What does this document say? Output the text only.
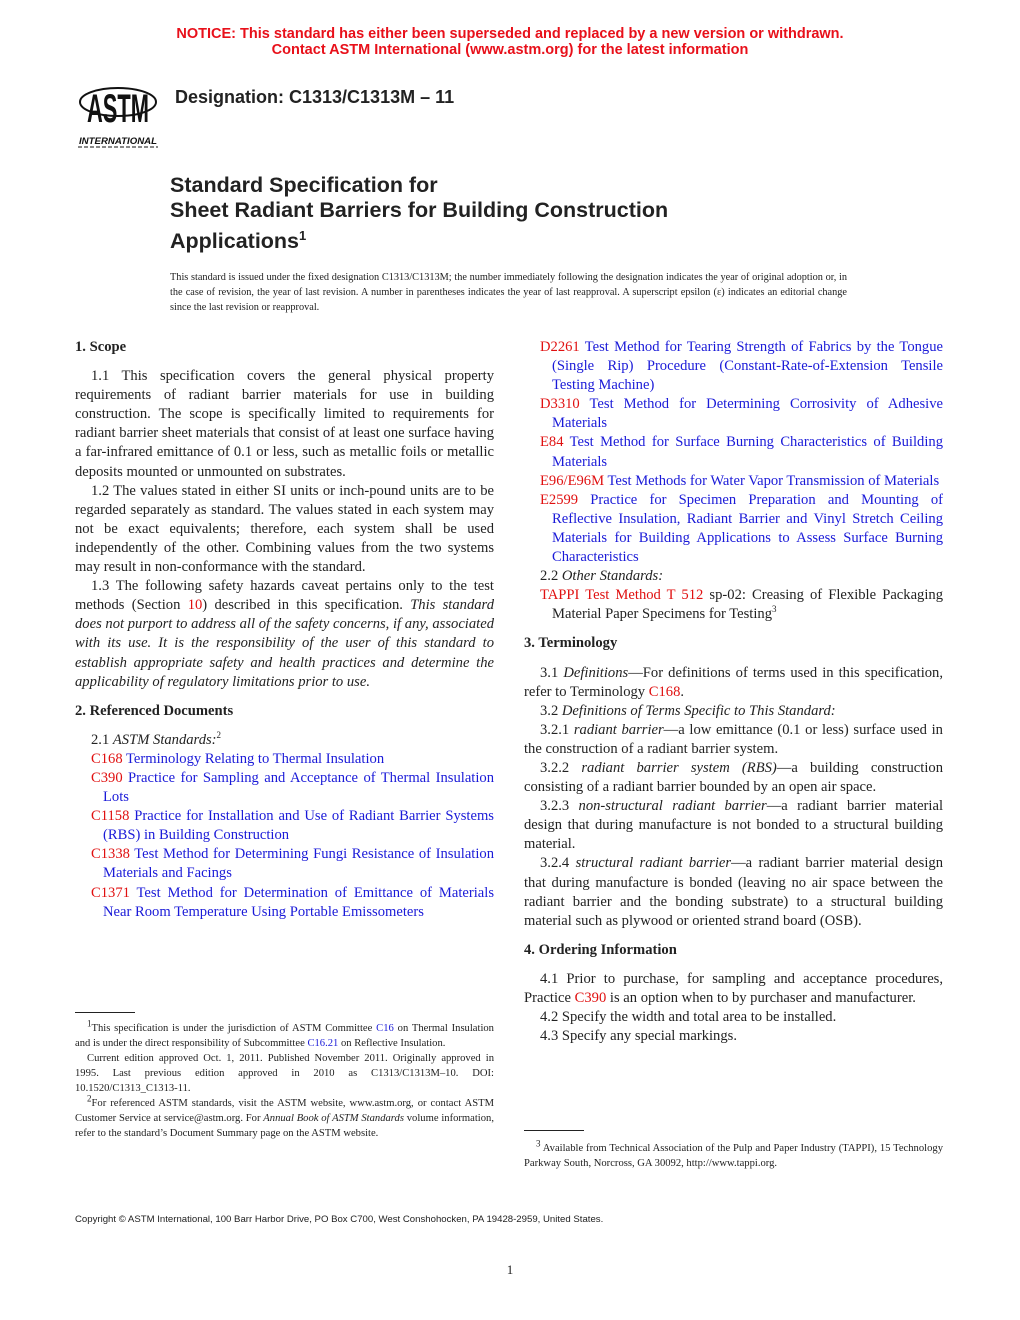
NOTICE: This standard has either been superseded and replaced by a new version or withdrawn.
Contact ASTM International (www.astm.org) for the latest information
ASTM
INTERNATIONAL
Designation: C1313/C1313M – 11
Standard Specification for
Sheet Radiant Barriers for Building Construction
Applications$^1$
This standard is issued under the fixed designation C1313/C1313M; the number immediately following the designation indicates the year of original adoption or, in the case of revision, the year of last revision. A number in parentheses indicates the year of last reapproval. A superscript epsilon (ε) indicates an editorial change since the last revision or reapproval.
1. Scope
1.1 This specification covers the general physical property requirements of radiant barrier materials for use in building construction. The scope is specifically limited to requirements for radiant barrier sheet materials that consist of at least one surface having a far-infrared emittance of 0.1 or less, such as metallic foils or metallic deposits mounted or unmounted on substrates.
1.2 The values stated in either SI units or inch-pound units are to be regarded separately as standard. The values stated in each system may not be exact equivalents; therefore, each system shall be used independently of the other. Combining values from the two systems may result in non-conformance with the standard.
1.3 The following safety hazards caveat pertains only to the test methods (Section 10) described in this specification. This standard does not purport to address all of the safety concerns, if any, associated with its use. It is the responsibility of the user of this standard to establish appropriate safety and health practices and determine the applicability of regulatory limitations prior to use.
2. Referenced Documents
2.1 ASTM Standards:$^2$
C168 Terminology Relating to Thermal Insulation
C390 Practice for Sampling and Acceptance of Thermal Insulation Lots
C1158 Practice for Installation and Use of Radiant Barrier Systems (RBS) in Building Construction
C1338 Test Method for Determining Fungi Resistance of Insulation Materials and Facings
C1371 Test Method for Determination of Emittance of Materials Near Room Temperature Using Portable Emissometers
D2261 Test Method for Tearing Strength of Fabrics by the Tongue (Single Rip) Procedure (Constant-Rate-of-Extension Tensile Testing Machine)
D3310 Test Method for Determining Corrosivity of Adhesive Materials
E84 Test Method for Surface Burning Characteristics of Building Materials
E96/E96M Test Methods for Water Vapor Transmission of Materials
E2599 Practice for Specimen Preparation and Mounting of Reflective Insulation, Radiant Barrier and Vinyl Stretch Ceiling Materials for Building Applications to Assess Surface Burning Characteristics
2.2 Other Standards:
TAPPI Test Method T 512 sp-02: Creasing of Flexible Packaging Material Paper Specimens for Testing$^3$
3. Terminology
3.1 Definitions—For definitions of terms used in this specification, refer to Terminology C168.
3.2 Definitions of Terms Specific to This Standard:
3.2.1 radiant barrier—a low emittance (0.1 or less) surface used in the construction of a radiant barrier system.
3.2.2 radiant barrier system (RBS)—a building construction consisting of a radiant barrier bounded by an open air space.
3.2.3 non-structural radiant barrier—a radiant barrier material design that during manufacture is not bonded to a structural building material.
3.2.4 structural radiant barrier—a radiant barrier material design that during manufacture is bonded (leaving no air space between the radiant barrier and the bonding substrate) to a structural building material such as plywood or oriented strand board (OSB).
4. Ordering Information
4.1 Prior to purchase, for sampling and acceptance procedures, Practice C390 is an option when to by purchaser and manufacturer.
4.2 Specify the width and total area to be installed.
4.3 Specify any special markings.

$^1$This specification is under the jurisdiction of ASTM Committee C16 on Thermal Insulation and is under the direct responsibility of Subcommittee C16.21 on Reflective Insulation.

Current edition approved Oct. 1, 2011. Published November 2011. Originally approved in 1995. Last previous edition approved in 2010 as C1313/C1313M–10. DOI: 10.1520/C1313_C1313-11.

$^2$For referenced ASTM standards, visit the ASTM website, www.astm.org, or contact ASTM Customer Service at service@astm.org. For Annual Book of ASTM Standards volume information, refer to the standard’s Document Summary page on the ASTM website.

$^3$ Available from Technical Association of the Pulp and Paper Industry (TAPPI), 15 Technology Parkway South, Norcross, GA 30092, http://www.tappi.org.

Copyright © ASTM International, 100 Barr Harbor Drive, PO Box C700, West Conshohocken, PA 19428-2959, United States.
1
